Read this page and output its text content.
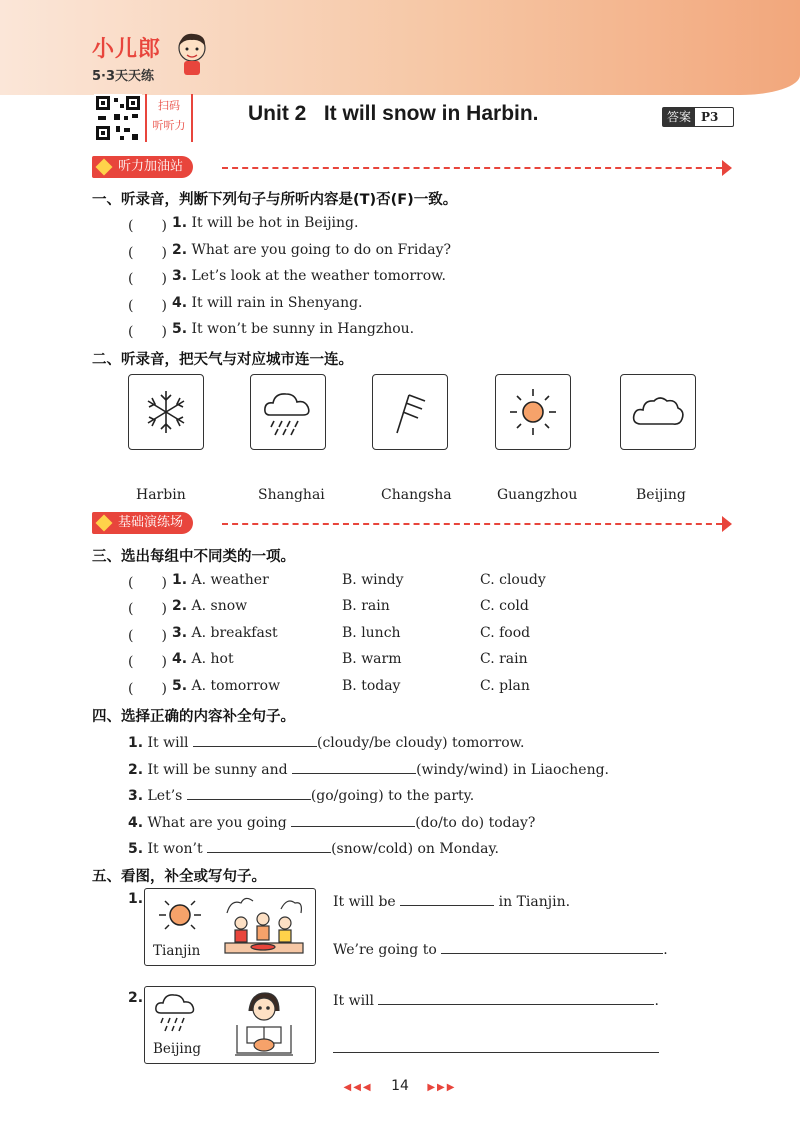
小儿郎
5·3天天练
扫码
听听力
Unit 2   It will snow in Harbin.	答案 P3
听力加油站
一、听录音，判断下列句子与所听内容是(T)否(F)一致。
(　　) 1. It will be hot in Beijing.
(　　) 2. What are you going to do on Friday?
(　　) 3. Let’s look at the weather tomorrow.
(　　) 4. It will rain in Shenyang.
(　　) 5. It won’t be sunny in Hangzhou.
二、听录音，把天气与对应城市连一连。
Harbin	Shanghai	Changsha	Guangzhou	Beijing
基础演练场
三、选出每组中不同类的一项。
(　　) 1. A. weather	B. windy	C. cloudy
(　　) 2. A. snow	B. rain	C. cold
(　　) 3. A. breakfast	B. lunch	C. food
(　　) 4. A. hot	B. warm	C. rain
(　　) 5. A. tomorrow	B. today	C. plan
四、选择正确的内容补全句子。
1. It will	(cloudy/be cloudy) tomorrow.
2. It will be sunny and	(windy/wind) in Liaocheng.
3. Let’s	(go/going) to the party.
4. What are you going	(do/to do) today?
5. It won’t	(snow/cold) on Monday.
五、看图，补全或写句子。
1.
Tianjin
It will be	in Tianjin.
We’re going to	.
2.
Beijing
It will	.
◀◀◀ 14 ▶▶▶
